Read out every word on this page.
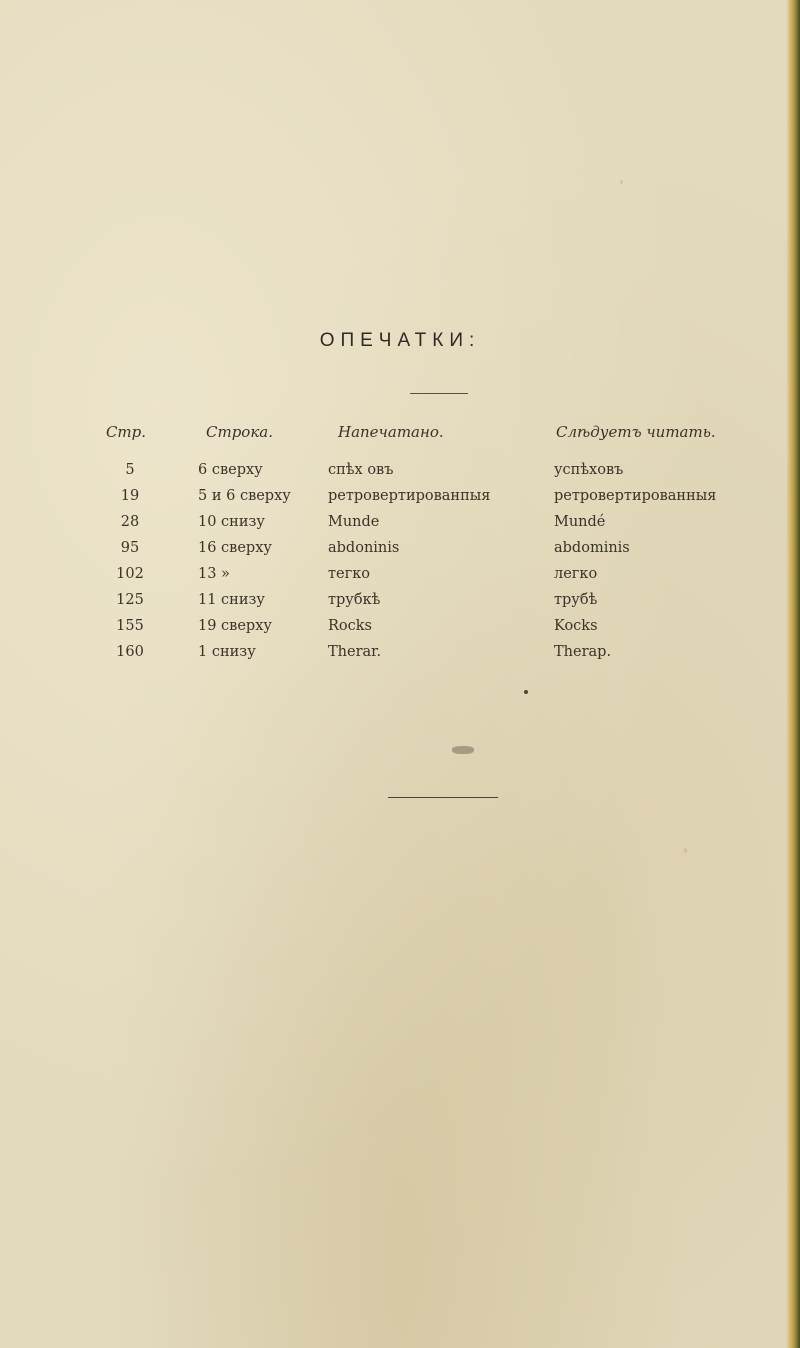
ОПЕЧАТКИ:
Стр.	Строка.	Напечатано.	Слѣдуетъ читать.
5	6 сверху	спѣх овъ	успѣховъ
19	5 и 6 сверху	ретровертированпыя	ретровертированныя
28	10 снизу	Munde	Mundé
95	16 сверху	abdoninis	abdominis
102	13 »	тегко	легко
125	11 снизу	трубкѣ	трубѣ
155	19 сверху	Rocks	Kocks
160	1 снизу	Therar.	Therap.
